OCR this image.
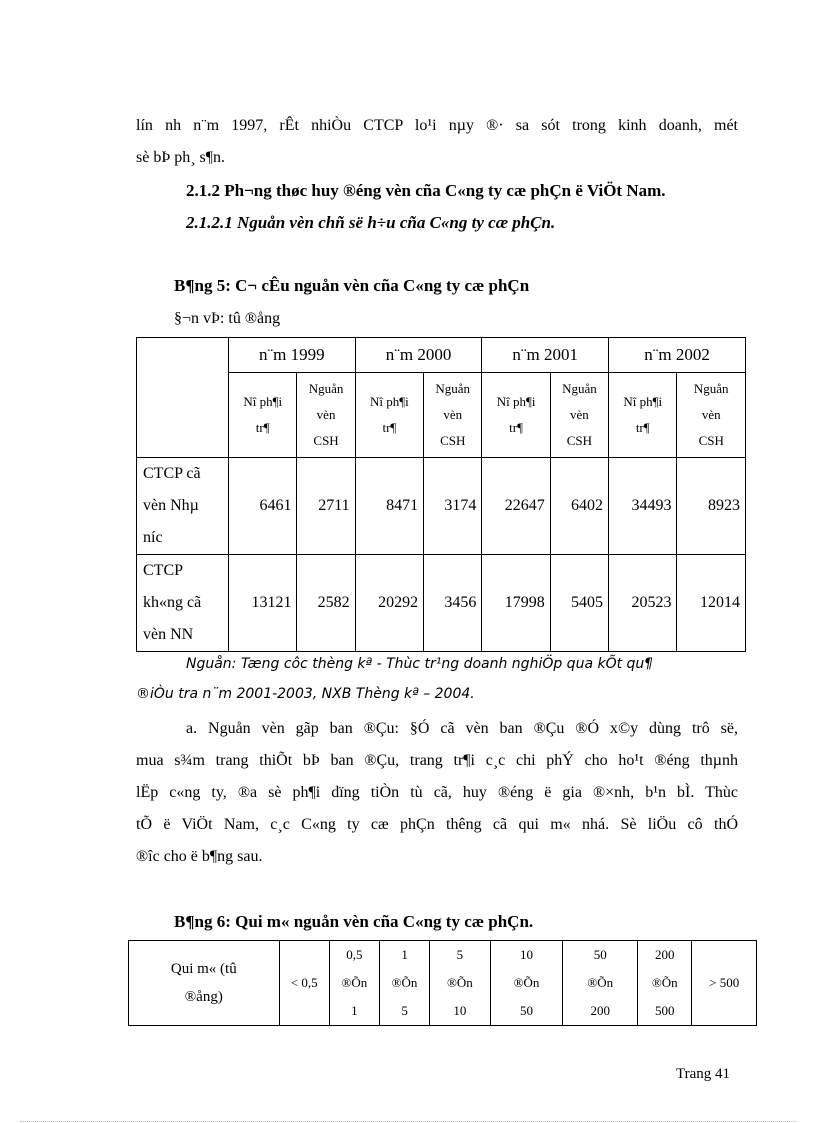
lín nh n¨m 1997, rÊt nhiÒu CTCP lo¹i nµy ®· sa sót trong kinh doanh, mét

sè bÞ ph¸ s¶n.

2.1.2 Ph¬ng thøc huy ®éng vèn cña C«ng ty cæ phÇn ë ViÖt Nam.

2.1.2.1 Nguån vèn chñ së h÷u cña C«ng ty cæ phÇn.

B¶ng 5: C¬ cÊu nguån vèn cña C«ng ty cæ phÇn

§¬n vÞ: tû ®ång

	n¨m 1999		n¨m 2000		n¨m 2001		n¨m 2002	
	Nî ph¶i
tr¶	Nguån
vèn
CSH	Nî ph¶i
tr¶	Nguån
vèn
CSH	Nî ph¶i
tr¶	Nguån
vèn
CSH	Nî ph¶i
tr¶	Nguån
vèn
CSH
CTCP cã
vèn Nhµ
níc	6461	2711	8471	3174	22647	6402	34493	8923
CTCP
kh«ng cã
vèn NN	13121	2582	20292	3456	17998	5405	20523	12014

Nguån: Tæng côc thèng kª - Thùc tr¹ng doanh nghiÖp qua kÕt qu¶

®iÒu tra n¨m 2001-2003, NXB Thèng kª – 2004.

a. Nguån vèn gãp ban ®Çu: §Ó cã vèn ban ®Çu ®Ó x©y dùng trô së,

mua s¾m trang thiÕt bÞ ban ®Çu, trang tr¶i c¸c chi phÝ cho ho¹t ®éng thµnh

lËp c«ng ty, ®a sè ph¶i dïng tiÒn tù cã, huy ®éng ë gia ®×nh, b¹n bÌ. Thùc

tÕ ë ViÖt Nam, c¸c C«ng ty cæ phÇn thêng cã qui m« nhá. Sè liÖu cô thÓ

®îc cho ë b¶ng sau.

B¶ng 6: Qui m« nguån vèn cña C«ng ty cæ phÇn.

Qui m« (tû
®ång)	< 0,5	0,5
®Õn
1	1
®Õn
5	5
®Õn
10	10
®Õn
50	50
®Õn
200	200
®Õn
500	> 500
Trang 41
